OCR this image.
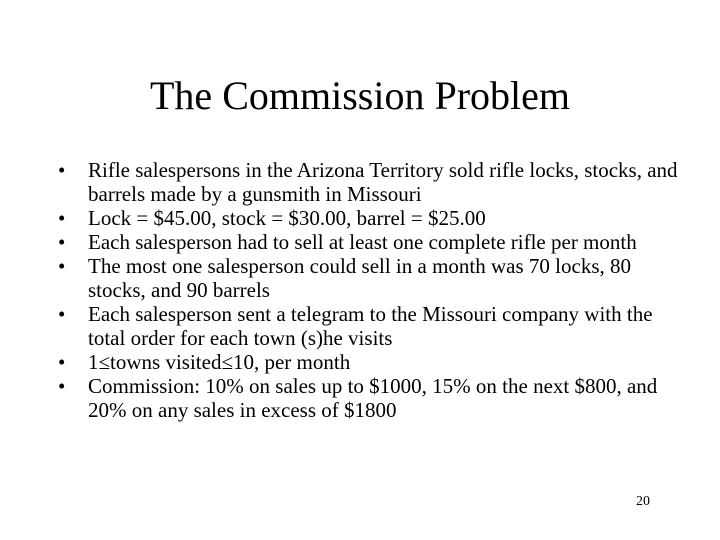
The Commission Problem
•	Rifle salespersons in the Arizona Territory sold rifle locks, stocks, and barrels made by a gunsmith in Missouri
•	Lock = $45.00, stock = $30.00, barrel = $25.00
•	Each salesperson had to sell at least one complete rifle per month
•	The most one salesperson could sell in a month was 70 locks, 80 stocks, and 90 barrels
•	Each salesperson sent a telegram to the Missouri company with the total order for each town (s)he visits
•	1≤towns visited≤10, per month
•	Commission: 10% on sales up to $1000, 15% on the next $800, and 20% on any sales in excess of $1800
20
